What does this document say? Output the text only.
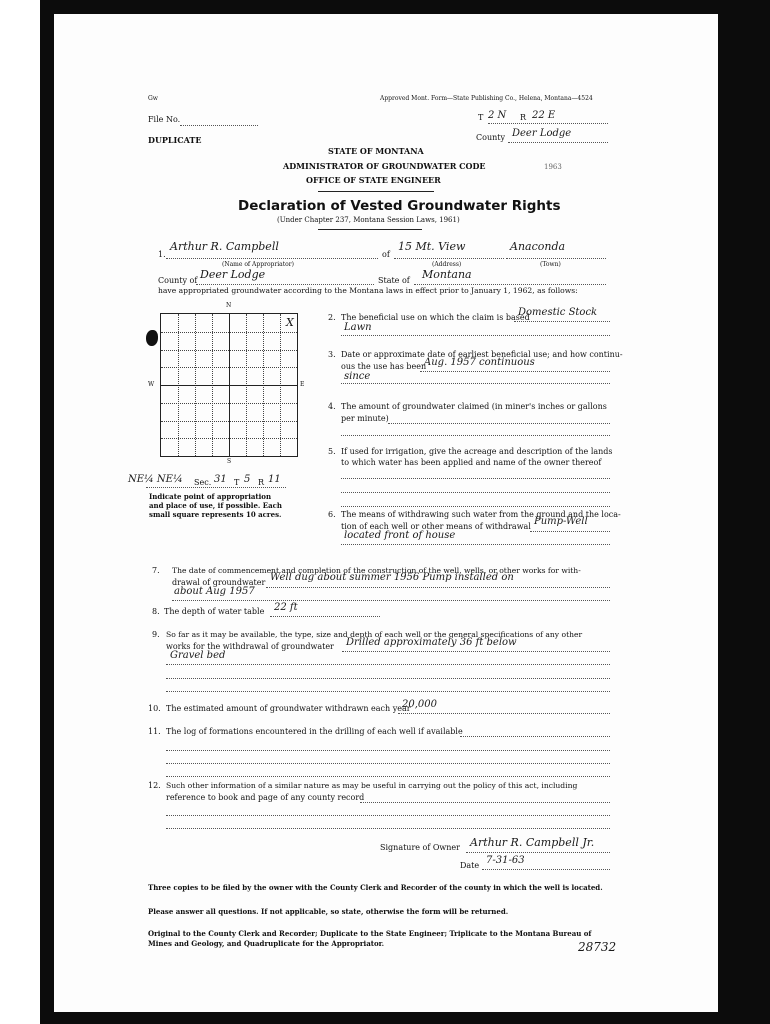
Gw	Approved Mont. Form—State Publishing Co., Helena, Montana—4524
File No.
DUPLICATE
T 2 N R 22 E
County Deer Lodge
STATE OF MONTANA
ADMINISTRATOR OF GROUNDWATER CODE
OFFICE OF STATE ENGINEER
1963
Declaration of Vested Groundwater Rights
(Under Chapter 237, Montana Session Laws, 1961)
1.
Arthur R. Campbell
(Name of Appropriator)
of
15 Mt. View
(Address)
Anaconda
(Town)
County of Deer Lodge	State of Montana
have appropriated groundwater according to the Montana laws in effect prior to January 1, 1962, as follows:
N
S
W	E
X
NE¼ NE¼ Sec. 31 T 5 R 11
Indicate point of appropriation
and place of use, if possible. Each
small square represents 10 acres.
2. The beneficial use on which the claim is based
Domestic Stock
Lawn
3. Date or approximate date of earliest beneficial use; and how continu-
ous the use has been
Aug. 1957 continuous
since
4. The amount of groundwater claimed (in miner's inches or gallons
per minute)
5. If used for irrigation, give the acreage and description of the lands
to which water has been applied and name of the owner thereof
6. The means of withdrawing such water from the ground and the loca-
tion of each well or other means of withdrawal Pump-Well
located front of house
7. The date of commencement and completion of the construction of the well, wells, or other works for with-
drawal of groundwater Well dug about summer 1956 Pump installed on
about Aug 1957
8. The depth of water table 22 ft
9. So far as it may be available, the type, size and depth of each well or the general specifications of any other
works for the withdrawal of groundwater Drilled approximately 36 ft below
Gravel bed
10. The estimated amount of groundwater withdrawn each year
20,000
11. The log of formations encountered in the drilling of each well if available
12. Such other information of a similar nature as may be useful in carrying out the policy of this act, including
reference to book and page of any county record
Signature of Owner Arthur R. Campbell Jr.
Date 7-31-63
Three copies to be filed by the owner with the County Clerk and Recorder of the county in which the well is located.
Please answer all questions. If not applicable, so state, otherwise the form will be returned.
Original to the County Clerk and Recorder; Duplicate to the State Engineer; Triplicate to the Montana Bureau of
Mines and Geology, and Quadruplicate for the Appropriator.	28732
